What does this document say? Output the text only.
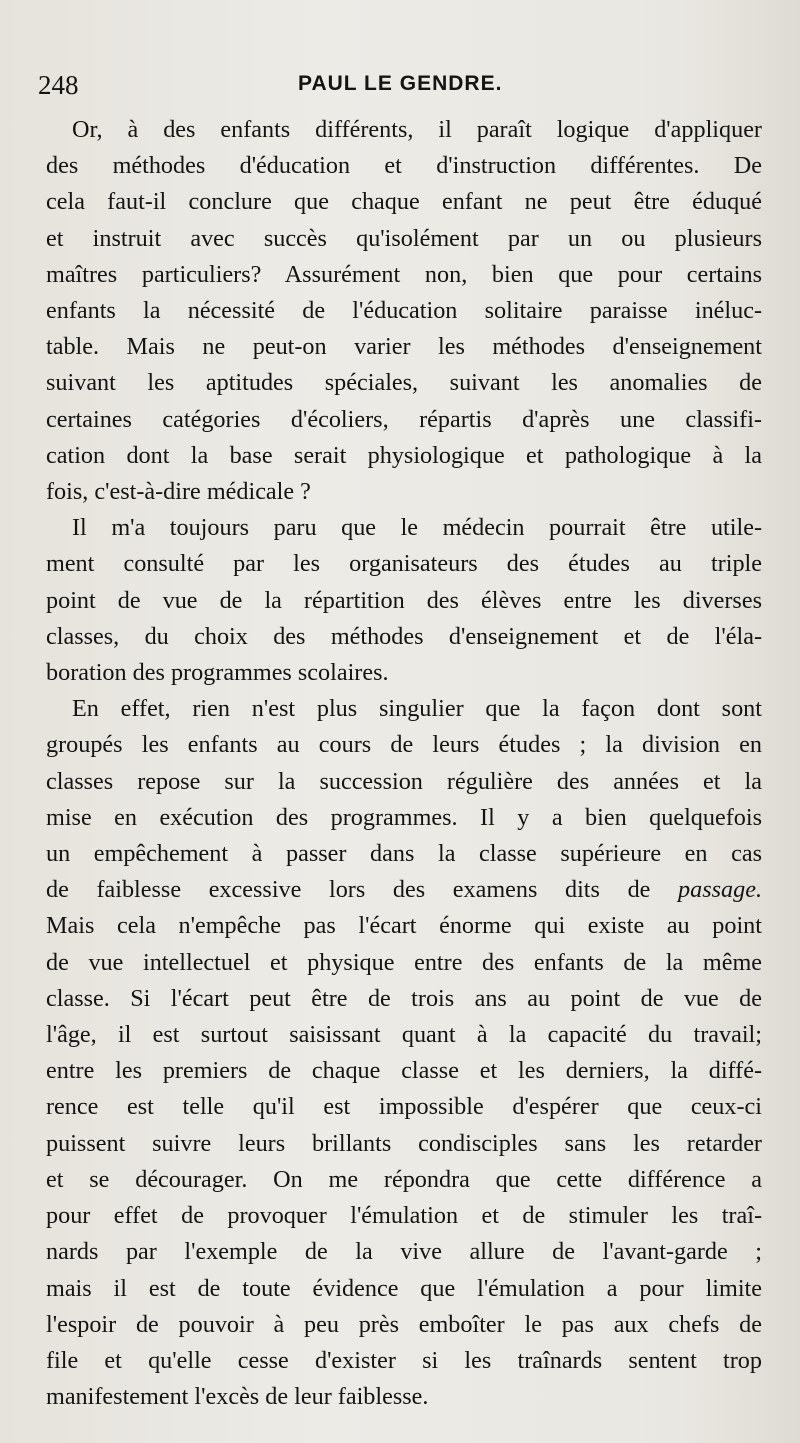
248	PAUL LE GENDRE.
Or, à des enfants différents, il paraît logique d'appliquer
des méthodes d'éducation et d'instruction différentes. De
cela faut-il conclure que chaque enfant ne peut être éduqué
et instruit avec succès qu'isolément par un ou plusieurs
maîtres particuliers? Assurément non, bien que pour certains
enfants la nécessité de l'éducation solitaire paraisse inéluc-
table. Mais ne peut-on varier les méthodes d'enseignement
suivant les aptitudes spéciales, suivant les anomalies de
certaines catégories d'écoliers, répartis d'après une classifi-
cation dont la base serait physiologique et pathologique à la
fois, c'est-à-dire médicale ?
Il m'a toujours paru que le médecin pourrait être utile-
ment consulté par les organisateurs des études au triple
point de vue de la répartition des élèves entre les diverses
classes, du choix des méthodes d'enseignement et de l'éla-
boration des programmes scolaires.
En effet, rien n'est plus singulier que la façon dont sont
groupés les enfants au cours de leurs études ; la division en
classes repose sur la succession régulière des années et la
mise en exécution des programmes. Il y a bien quelquefois
un empêchement à passer dans la classe supérieure en cas
de faiblesse excessive lors des examens dits de passage.
Mais cela n'empêche pas l'écart énorme qui existe au point
de vue intellectuel et physique entre des enfants de la même
classe. Si l'écart peut être de trois ans au point de vue de
l'âge, il est surtout saisissant quant à la capacité du travail;
entre les premiers de chaque classe et les derniers, la diffé-
rence est telle qu'il est impossible d'espérer que ceux-ci
puissent suivre leurs brillants condisciples sans les retarder
et se décourager. On me répondra que cette différence a
pour effet de provoquer l'émulation et de stimuler les traî-
nards par l'exemple de la vive allure de l'avant-garde ;
mais il est de toute évidence que l'émulation a pour limite
l'espoir de pouvoir à peu près emboîter le pas aux chefs de
file et qu'elle cesse d'exister si les traînards sentent trop
manifestement l'excès de leur faiblesse.
